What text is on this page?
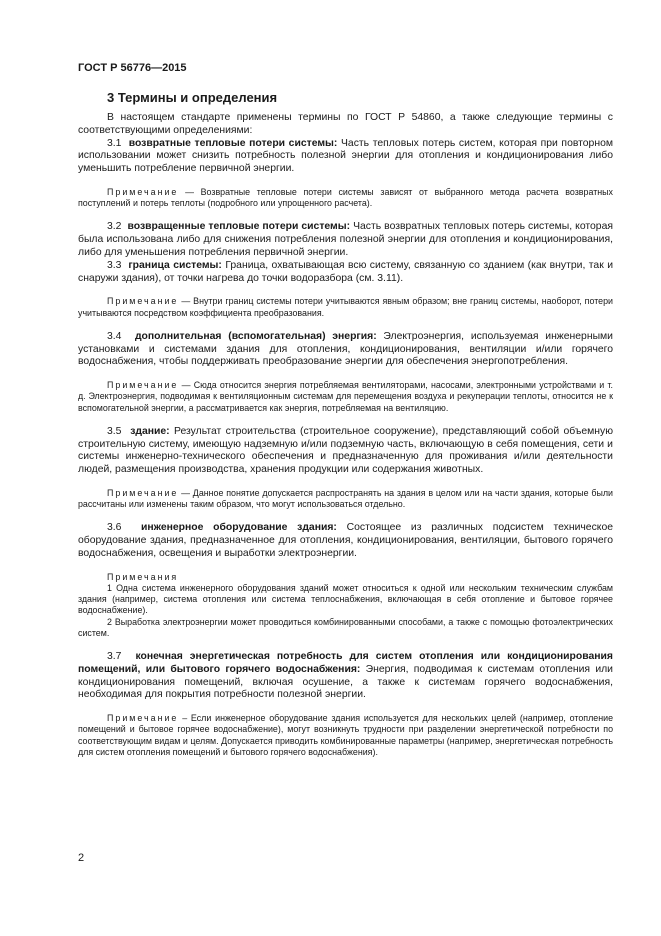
ГОСТ Р 56776—2015
3 Термины и определения

В настоящем стандарте применены термины по ГОСТ Р 54860, а также следующие термины с соответствующими определениями:

3.1 возвратные тепловые потери системы: Часть тепловых потерь систем, которая при повторном использовании может снизить потребность полезной энергии для отопления и кондиционирования либо уменьшить потребление первичной энергии.

Примечание — Возвратные тепловые потери системы зависят от выбранного метода расчета возвратных поступлений и потерь теплоты (подробного или упрощенного расчета).

3.2 возвращенные тепловые потери системы: Часть возвратных тепловых потерь системы, которая была использована либо для снижения потребления полезной энергии для отопления и кондиционирования, либо для уменьшения потребления первичной энергии.

3.3 граница системы: Граница, охватывающая всю систему, связанную со зданием (как внутри, так и снаружи здания), от точки нагрева до точки водоразбора (см. 3.11).

Примечание — Внутри границ системы потери учитываются явным образом; вне границ системы, наоборот, потери учитываются посредством коэффициента преобразования.

3.4 дополнительная (вспомогательная) энергия: Электроэнергия, используемая инженерными установками и системами здания для отопления, кондиционирования, вентиляции и/или горячего водоснабжения, чтобы поддерживать преобразование энергии для обеспечения энергопотребления.

Примечание — Сюда относится энергия потребляемая вентиляторами, насосами, электронными устройствами и т. д. Электроэнергия, подводимая к вентиляционным системам для перемещения воздуха и рекуперации теплоты, относится не к вспомогательной энергии, а рассматривается как энергия, потребляемая на вентиляцию.

3.5 здание: Результат строительства (строительное сооружение), представляющий собой объемную строительную систему, имеющую надземную и/или подземную часть, включающую в себя помещения, сети и системы инженерно-технического обеспечения и предназначенную для проживания и/или деятельности людей, размещения производства, хранения продукции или содержания животных.

Примечание — Данное понятие допускается распространять на здания в целом или на части здания, которые были рассчитаны или изменены таким образом, что могут использоваться отдельно.

3.6 инженерное оборудование здания: Состоящее из различных подсистем техническое оборудование здания, предназначенное для отопления, кондиционирования, вентиляции, бытового горячего водоснабжения, освещения и выработки электроэнергии.

Примечания

1 Одна система инженерного оборудования зданий может относиться к одной или нескольким техническим службам здания (например, система отопления или система теплоснабжения, включающая в себя отопление и бытовое горячее водоснабжение).

2 Выработка электроэнергии может проводиться комбинированными способами, а также с помощью фотоэлектрических систем.

3.7 конечная энергетическая потребность для систем отопления или кондиционирования помещений, или бытового горячего водоснабжения: Энергия, подводимая к системам отопления или кондиционирования помещений, включая осушение, а также к системам горячего водоснабжения, необходимая для покрытия потребности полезной энергии.

Примечание – Если инженерное оборудование здания используется для нескольких целей (например, отопление помещений и бытовое горячее водоснабжение), могут возникнуть трудности при разделении энергетической потребности по соответствующим видам и целям. Допускается приводить комбинированные параметры (например, энергетическая потребность для систем отопления помещений и бытового горячего водоснабжения).

2
